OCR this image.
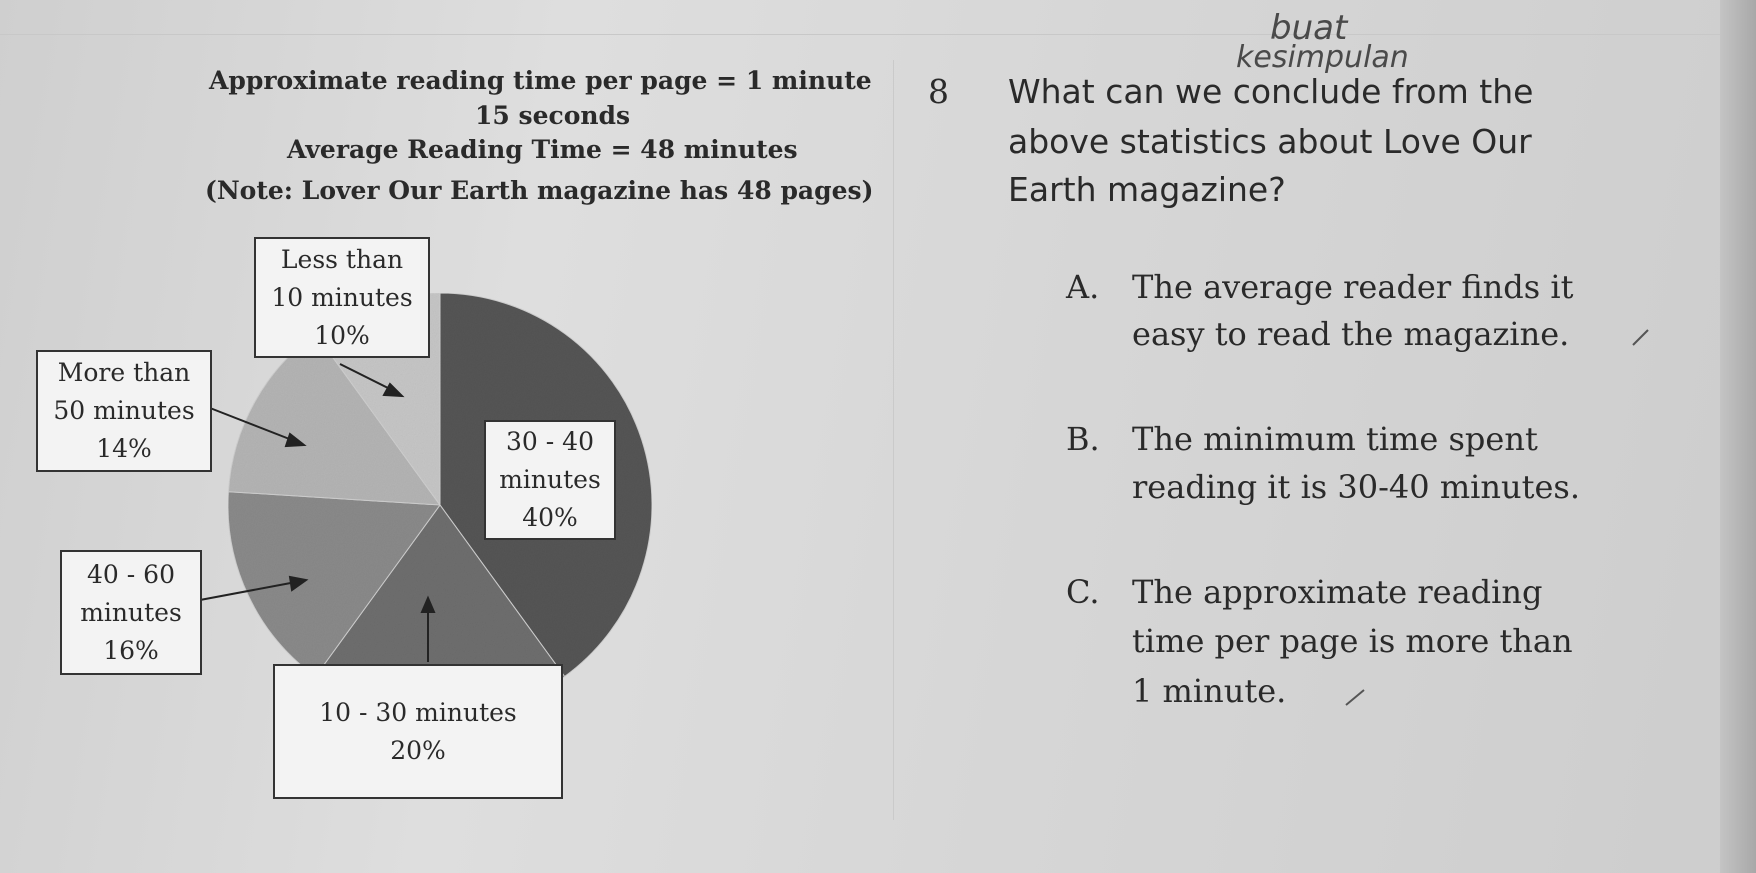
Approximate reading time per page = 1 minute
15 seconds
Average Reading Time = 48 minutes
(Note: Lover Our Earth magazine has 48 pages)
buat
kesimpulan
8 What can we conclude from the
above statistics about Love Our
Earth magazine?
A. The average reader finds it
easy to read the magazine.
B. The minimum time spent
reading it is 30-40 minutes.
C. The approximate reading
time per page is more than
1 minute.
Less than
10 minutes
10%
More than
50 minutes
14%	30 - 40
minutes
40%
40 - 60
minutes
16%
10 - 30 minutes
20%
